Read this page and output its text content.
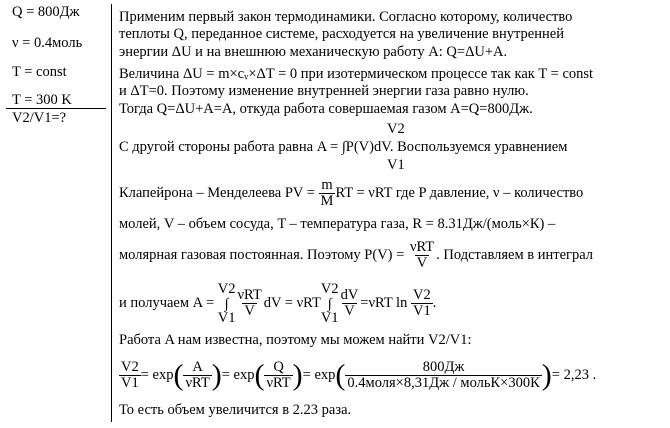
Q = 800Дж
ν = 0.4моль
T = const
T = 300 K
V2/V1=?
Применим первый закон термодинамики. Согласно которому, количество
теплоты Q, переданное системе, расходуется на увеличение внутренней
энергии ΔU и на внешнюю механическую работу A: Q=ΔU+A.
Величина ΔU = m×cᵥ×ΔT = 0 при изотермическом процессе так как T = const
и ΔT=0. Поэтому изменение внутренней энергии газа равно нулю.
Тогда Q=ΔU+A=A, откуда работа совершаемая газом A=Q=800Дж.
V2
С другой стороны работа равна A = ∫P(V)dV. Воспользуемся уравнением
V1
Клапейрона – Менделеева PV = $\frac{m}{M}$ RT = νRT где P давление, ν – количество
молей, V – объем сосуда, T – температура газа, R = 8.31Дж/(моль×К) –
молярная газовая постоянная. Поэтому $P(V) = \frac{\text{νRT}}{V}$ . Подставляем в интеграл
и получаем A =
V2
∫
$V1 \frac{\text{νRT}}{V}$ dV = νRT
V2
∫
$V1 \frac{dV}{V} =\nu RT$ $\ln \frac{V2}{V1}$ .
Работа A нам известна, поэтому мы можем найти V2/V1:
$\frac{V2}{V1} = \exp( \frac{A}{\text{νRT}}$ )= $\exp( \frac{Q}{\text{νRT}}$ )= $\exp( \frac{800Дж}{\text{0.4моля×8,31Дж / мольК×300К}}$ )= 2,23 .
То есть объем увеличится в 2.23 раза.
